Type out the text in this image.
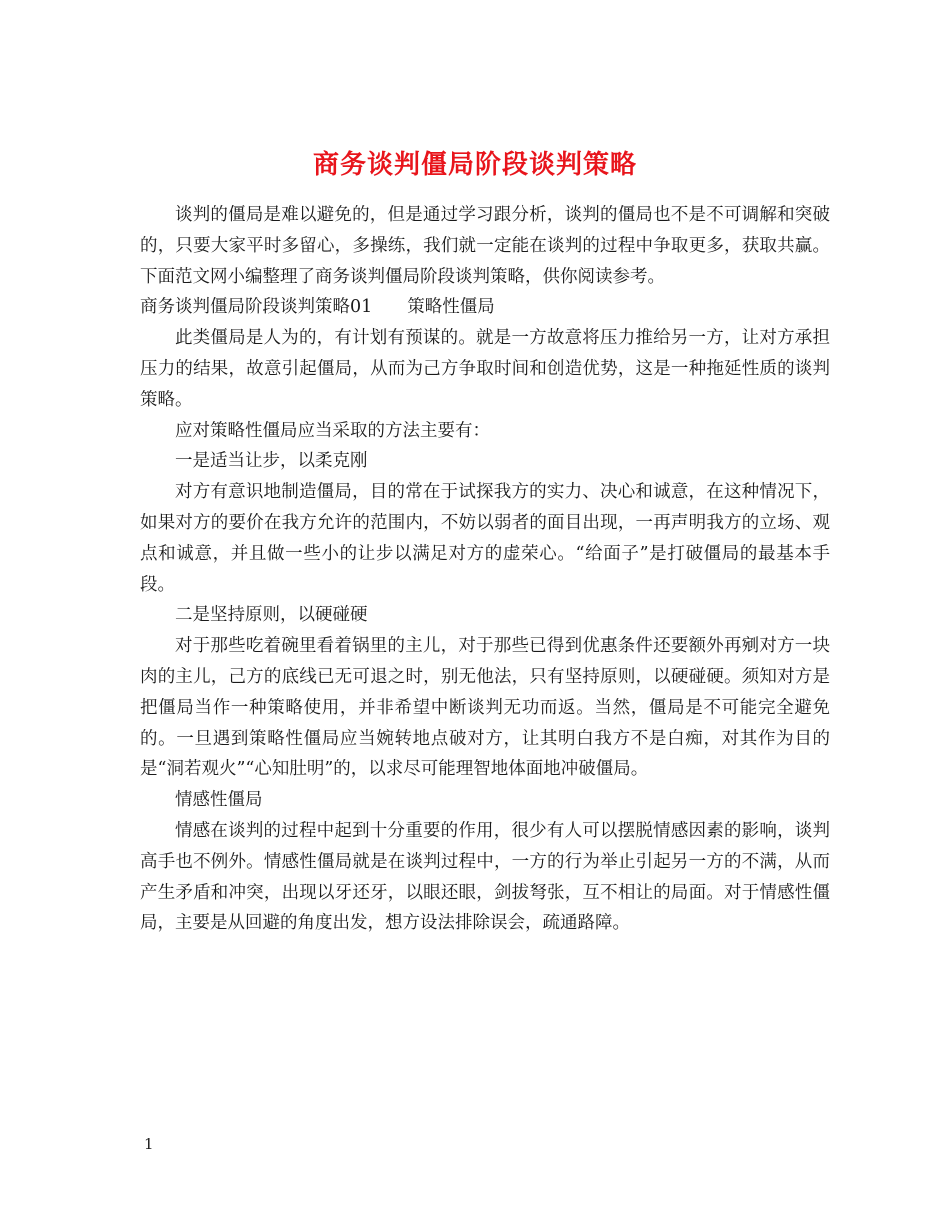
商务谈判僵局阶段谈判策略

谈判的僵局是难以避免的，但是通过学习跟分析，谈判的僵局也不是不可调解和突破的，只要大家平时多留心，多操练，我们就一定能在谈判的过程中争取更多，获取共赢。下面范文网小编整理了商务谈判僵局阶段谈判策略，供你阅读参考。

商务谈判僵局阶段谈判策略01　　策略性僵局

此类僵局是人为的，有计划有预谋的。就是一方故意将压力推给另一方，让对方承担压力的结果，故意引起僵局，从而为己方争取时间和创造优势，这是一种拖延性质的谈判策略。

应对策略性僵局应当采取的方法主要有：

一是适当让步，以柔克刚

对方有意识地制造僵局，目的常在于试探我方的实力、决心和诚意，在这种情况下，如果对方的要价在我方允许的范围内，不妨以弱者的面目出现，一再声明我方的立场、观点和诚意，并且做一些小的让步以满足对方的虚荣心。“给面子”是打破僵局的最基本手段。

二是坚持原则，以硬碰硬

对于那些吃着碗里看着锅里的主儿，对于那些已得到优惠条件还要额外再剜对方一块肉的主儿，己方的底线已无可退之时，别无他法，只有坚持原则，以硬碰硬。须知对方是把僵局当作一种策略使用，并非希望中断谈判无功而返。当然，僵局是不可能完全避免的。一旦遇到策略性僵局应当婉转地点破对方，让其明白我方不是白痴，对其作为目的是“洞若观火”“心知肚明”的，以求尽可能理智地体面地冲破僵局。

情感性僵局

情感在谈判的过程中起到十分重要的作用，很少有人可以摆脱情感因素的影响，谈判高手也不例外。情感性僵局就是在谈判过程中，一方的行为举止引起另一方的不满，从而产生矛盾和冲突，出现以牙还牙，以眼还眼，剑拔弩张，互不相让的局面。对于情感性僵局，主要是从回避的角度出发，想方设法排除误会，疏通路障。

1
